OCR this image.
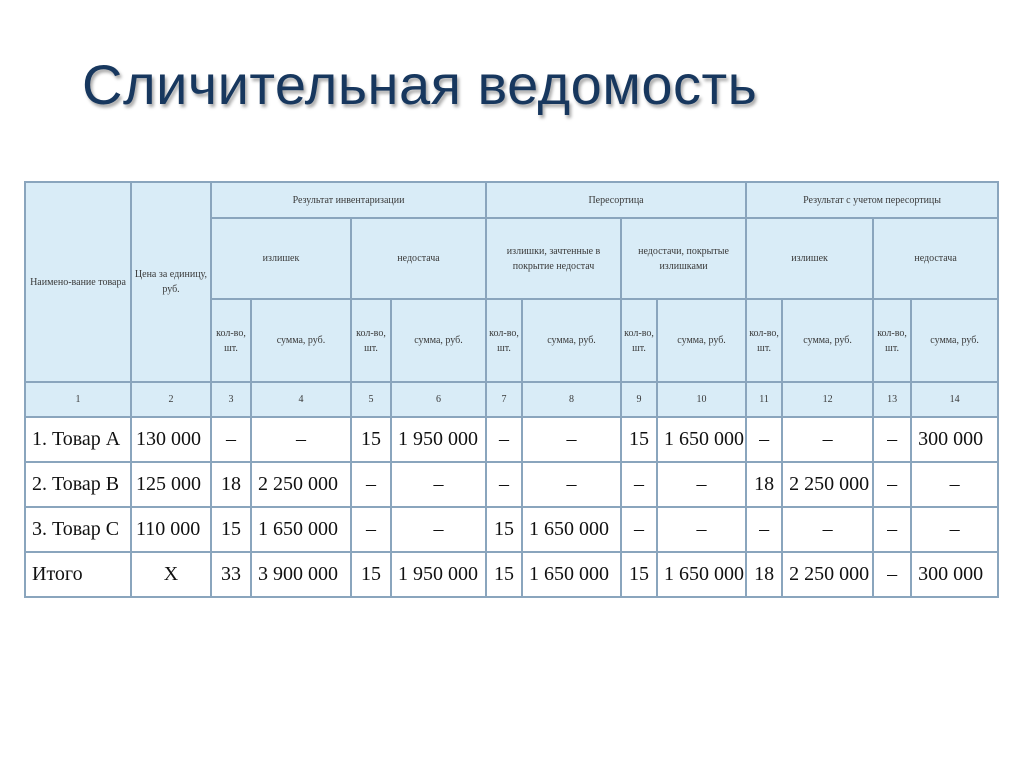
Сличительная ведомость
Наимено-вание товара	Цена за единицу, руб.	Результат инвентаризации				Пересортица				Результат с учетом пересортицы			
		излишек		недостача		излишки, зачтенные в покрытие недостач		недостачи, покрытые излишками		излишек		недостача	
		кол-во, шт.	сумма, руб.	кол-во, шт.	сумма, руб.	кол-во, шт.	сумма, руб.	кол-во, шт.	сумма, руб.	кол-во, шт.	сумма, руб.	кол-во, шт.	сумма, руб.
1	2	3	4	5	6	7	8	9	10	11	12	13	14
1. Товар А	130 000	–	–	15	1 950 000	–	–	15	1 650 000	–	–	–	300 000
2. Товар В	125 000	18	2 250 000	–	–	–	–	–	–	18	2 250 000	–	–
3. Товар С	110 000	15	1 650 000	–	–	15	1 650 000	–	–	–	–	–	–
Итого	Х	33	3 900 000	15	1 950 000	15	1 650 000	15	1 650 000	18	2 250 000	–	300 000
